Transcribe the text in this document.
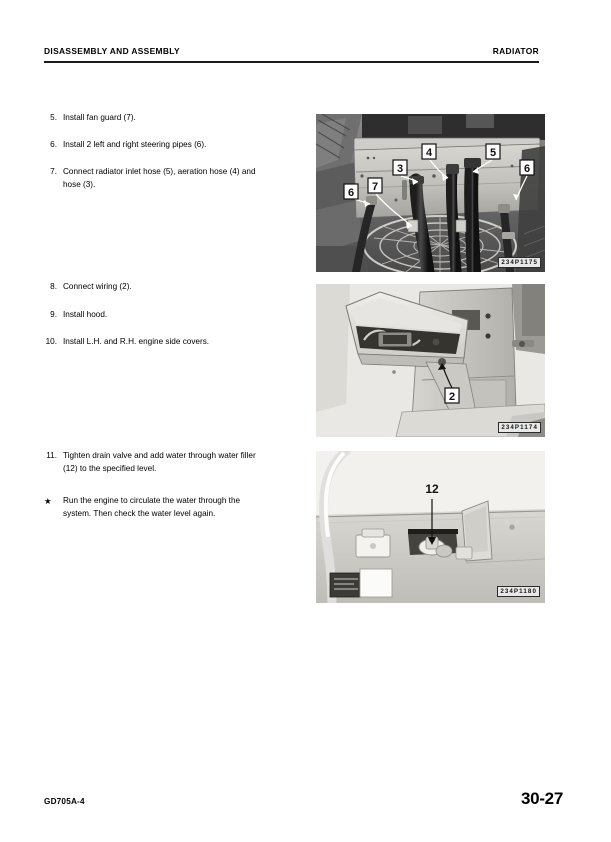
DISASSEMBLY AND ASSEMBLY	RADIATOR
5. Install fan guard (7).
6. Install 2 left and right steering pipes (6).
7. Connect radiator inlet hose (5), aeration hose (4) and
hose (3).
8. Connect wiring (2).
9. Install hood.
10. Install L.H. and R.H. engine side covers.
11. Tighten drain valve and add water through water filler
(12) to the specified level.
★	Run the engine to circulate the water through the
system. Then check the water level again.
6 7
3
4	5
6
234P1175
2
234P1174
12
234P1180
GD705A-4	30-27
